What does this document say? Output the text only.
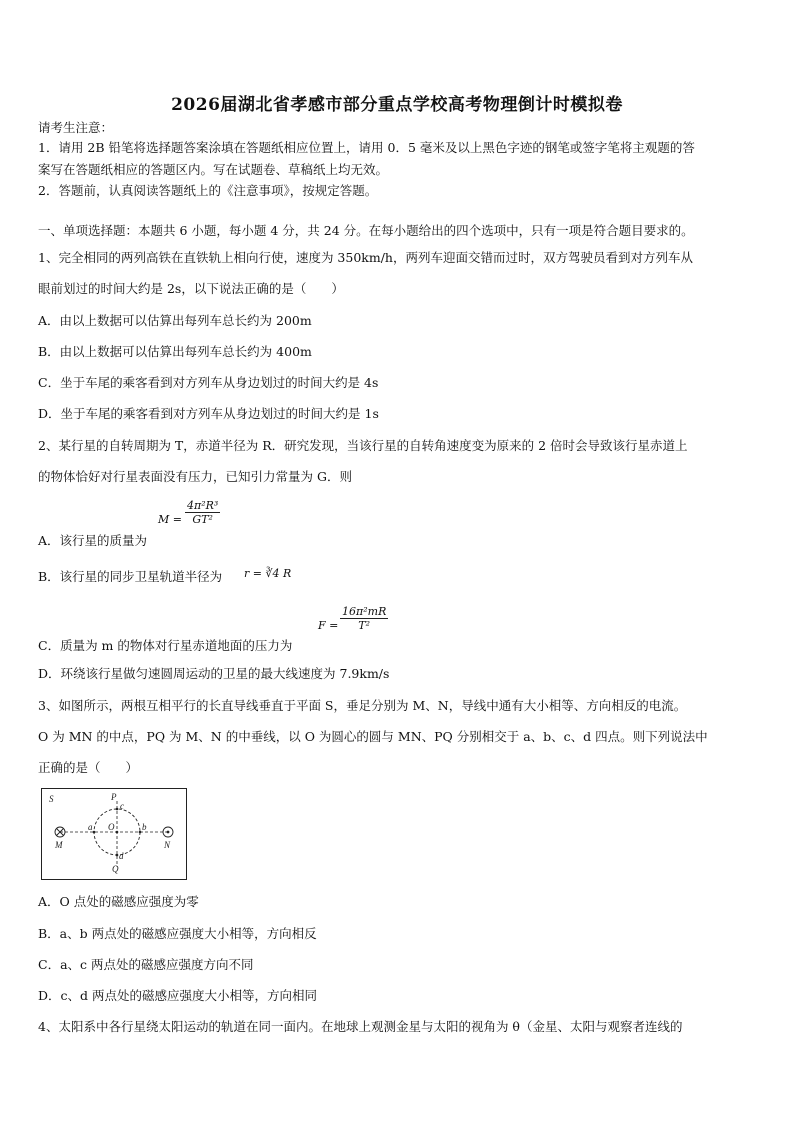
2026届湖北省孝感市部分重点学校高考物理倒计时模拟卷
请考生注意：
1．请用 2B 铅笔将选择题答案涂填在答题纸相应位置上，请用 0．5 毫米及以上黑色字迹的钢笔或签字笔将主观题的答
案写在答题纸相应的答题区内。写在试题卷、草稿纸上均无效。
2．答题前，认真阅读答题纸上的《注意事项》，按规定答题。
一、单项选择题：本题共 6 小题，每小题 4 分，共 24 分。在每小题给出的四个选项中，只有一项是符合题目要求的。
1、完全相同的两列高铁在直铁轨上相向行使，速度为 350km/h，两列车迎面交错而过时，双方驾驶员看到对方列车从
眼前划过的时间大约是 2s，以下说法正确的是（　　）
A．由以上数据可以估算出每列车总长约为 200m
B．由以上数据可以估算出每列车总长约为 400m
C．坐于车尾的乘客看到对方列车从身边划过的时间大约是 4s
D．坐于车尾的乘客看到对方列车从身边划过的时间大约是 1s
2、某行星的自转周期为 T，赤道半径为 R．研究发现，当该行星的自转角速度变为原来的 2 倍时会导致该行星赤道上
的物体恰好对行星表面没有压力，已知引力常量为 G．则
A．该行星的质量为
$M = \frac{\text{4π²R³}}{\text{GT²}}$
B．该行星的同步卫星轨道半径为 r = ∛4 R
C．质量为 m 的物体对行星赤道地面的压力为
$F = \frac{\text{16π²mR}}{\text{T²}}$
D．环绕该行星做匀速圆周运动的卫星的最大线速度为 7.9km/s
3、如图所示，两根互相平行的长直导线垂直于平面 S，垂足分别为 M、N，导线中通有大小相等、方向相反的电流。
O 为 MN 的中点，PQ 为 M、N 的中垂线，以 O 为圆心的圆与 MN、PQ 分别相交于 a、b、c、d 四点。则下列说法中
正确的是（　　）
S	P
c
a O	b
M	N
d
Q
A．O 点处的磁感应强度为零
B．a、b 两点处的磁感应强度大小相等，方向相反
C．a、c 两点处的磁感应强度方向不同
D．c、d 两点处的磁感应强度大小相等，方向相同
4、太阳系中各行星绕太阳运动的轨道在同一面内。在地球上观测金星与太阳的视角为 θ（金星、太阳与观察者连线的
